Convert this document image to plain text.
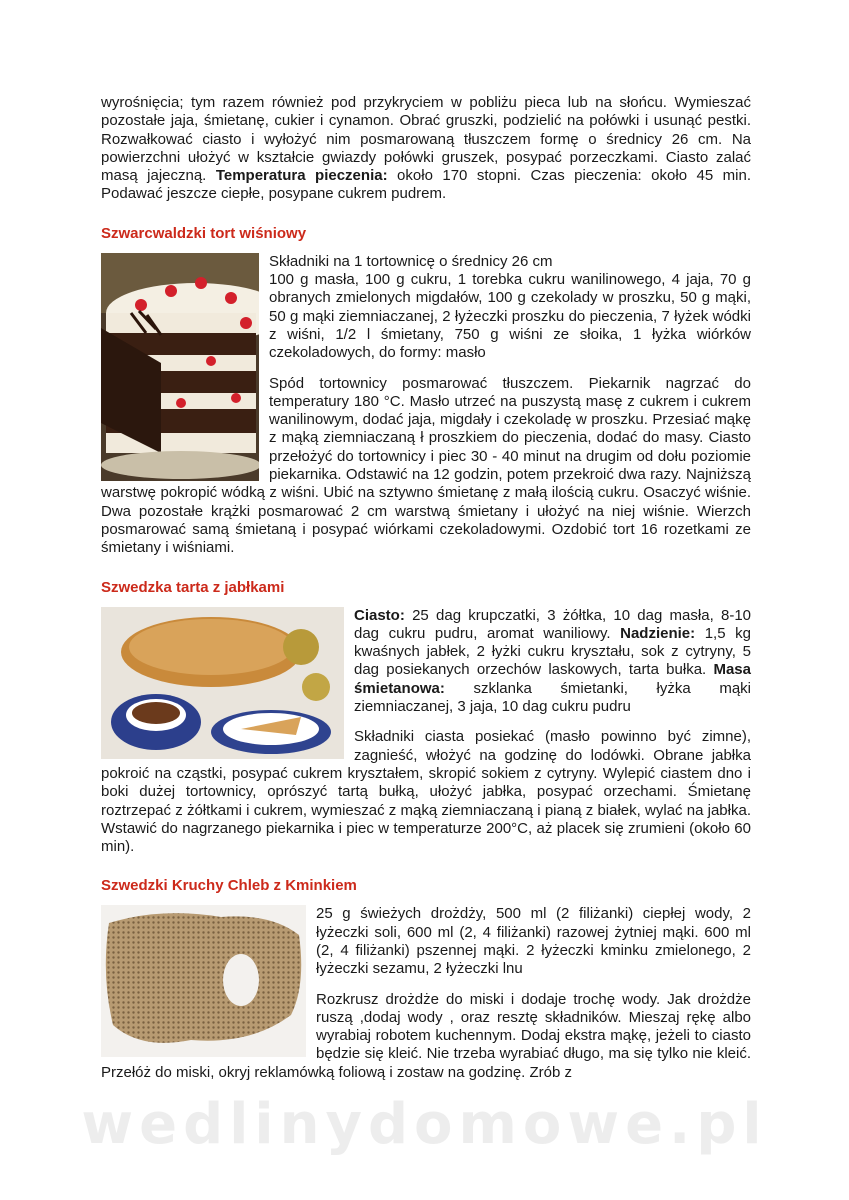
wyrośnięcia; tym razem również pod przykryciem w pobliżu pieca lub na słońcu. Wymieszać pozostałe jaja, śmietanę, cukier i cynamon. Obrać gruszki, podzielić na połówki i usunąć pestki. Rozwałkować ciasto i wyłożyć nim posmarowaną tłuszczem formę o średnicy 26 cm. Na powierzchni ułożyć w kształcie gwiazdy połówki gruszek, posypać porzeczkami. Ciasto zalać masą jajeczną. Temperatura pieczenia: około 170 stopni. Czas pieczenia: około 45 min. Podawać jeszcze ciepłe, posypane cukrem pudrem.

Szwarcwaldzki tort wiśniowy

Składniki na 1 tortownicę o średnicy 26 cm

100 g masła, 100 g cukru, 1 torebka cukru wanilinowego, 4 jaja, 70 g obranych zmielonych migdałów, 100 g czekolady w proszku, 50 g mąki, 50 g mąki ziemniaczanej, 2 łyżeczki proszku do pieczenia, 7 łyżek wódki z wiśni, 1/2 l śmietany, 750 g wiśni ze słoika, 1 łyżka wiórków czekoladowych, do formy: masło

Spód tortownicy posmarować tłuszczem. Piekarnik nagrzać do temperatury 180 °C. Masło utrzeć na puszystą masę z cukrem i cukrem wanilinowym, dodać jaja, migdały i czekoladę w proszku. Przesiać mąkę z mąką ziemniaczaną ł proszkiem do pieczenia, dodać do masy. Ciasto przełożyć do tortownicy i piec 30 - 40 minut na drugim od dołu poziomie piekarnika. Odstawić na 12 godzin, potem przekroić dwa razy. Najniższą warstwę pokropić wódką z wiśni. Ubić na sztywno śmietanę z małą ilością cukru. Osaczyć wiśnie. Dwa pozostałe krążki posmarować 2 cm warstwą śmietany i ułożyć na niej wiśnie. Wierzch posmarować samą śmietaną i posypać wiórkami czekoladowymi. Ozdobić tort 16 rozetkami ze śmietany i wiśniami.

Szwedzka tarta z jabłkami

Ciasto: 25 dag krupczatki, 3 żółtka, 10 dag masła, 8-10 dag cukru pudru, aromat waniliowy. Nadzienie: 1,5 kg kwaśnych jabłek, 2 łyżki cukru kryształu, sok z cytryny, 5 dag posiekanych orzechów laskowych, tarta bułka. Masa śmietanowa: szklanka śmietanki, łyżka mąki ziemniaczanej, 3 jaja, 10 dag cukru pudru

Składniki ciasta posiekać (masło powinno być zimne), zagnieść, włożyć na godzinę do lodówki. Obrane jabłka pokroić na cząstki, posypać cukrem kryształem, skropić sokiem z cytryny. Wylepić ciastem dno i boki dużej tortownicy, oprószyć tartą bułką, ułożyć jabłka, posypać orzechami. Śmietanę roztrzepać z żółtkami i cukrem, wymieszać z mąką ziemniaczaną i pianą z białek, wylać na jabłka. Wstawić do nagrzanego piekarnika i piec w temperaturze 200°C, aż placek się zrumieni (około 60 min).

Szwedzki Kruchy Chleb z Kminkiem

25 g świeżych drożdży, 500 ml (2 filiżanki) ciepłej wody, 2 łyżeczki soli, 600 ml (2, 4 filiżanki) razowej żytniej mąki. 600 ml (2, 4 filiżanki) pszennej mąki. 2 łyżeczki kminku zmielonego, 2 łyżeczki sezamu, 2 łyżeczki lnu

Rozkrusz drożdże do miski i dodaje trochę wody. Jak drożdże ruszą ,dodaj wody , oraz resztę składników. Mieszaj rękę albo wyrabiaj robotem kuchennym. Dodaj ekstra mąkę, jeżeli to ciasto będzie się kleić. Nie trzeba wyrabiać długo, ma się tylko nie kleić. Przełóż do miski, okryj reklamówką foliową i zostaw na godzinę. Zrób z

wedlinydomowe.pl
